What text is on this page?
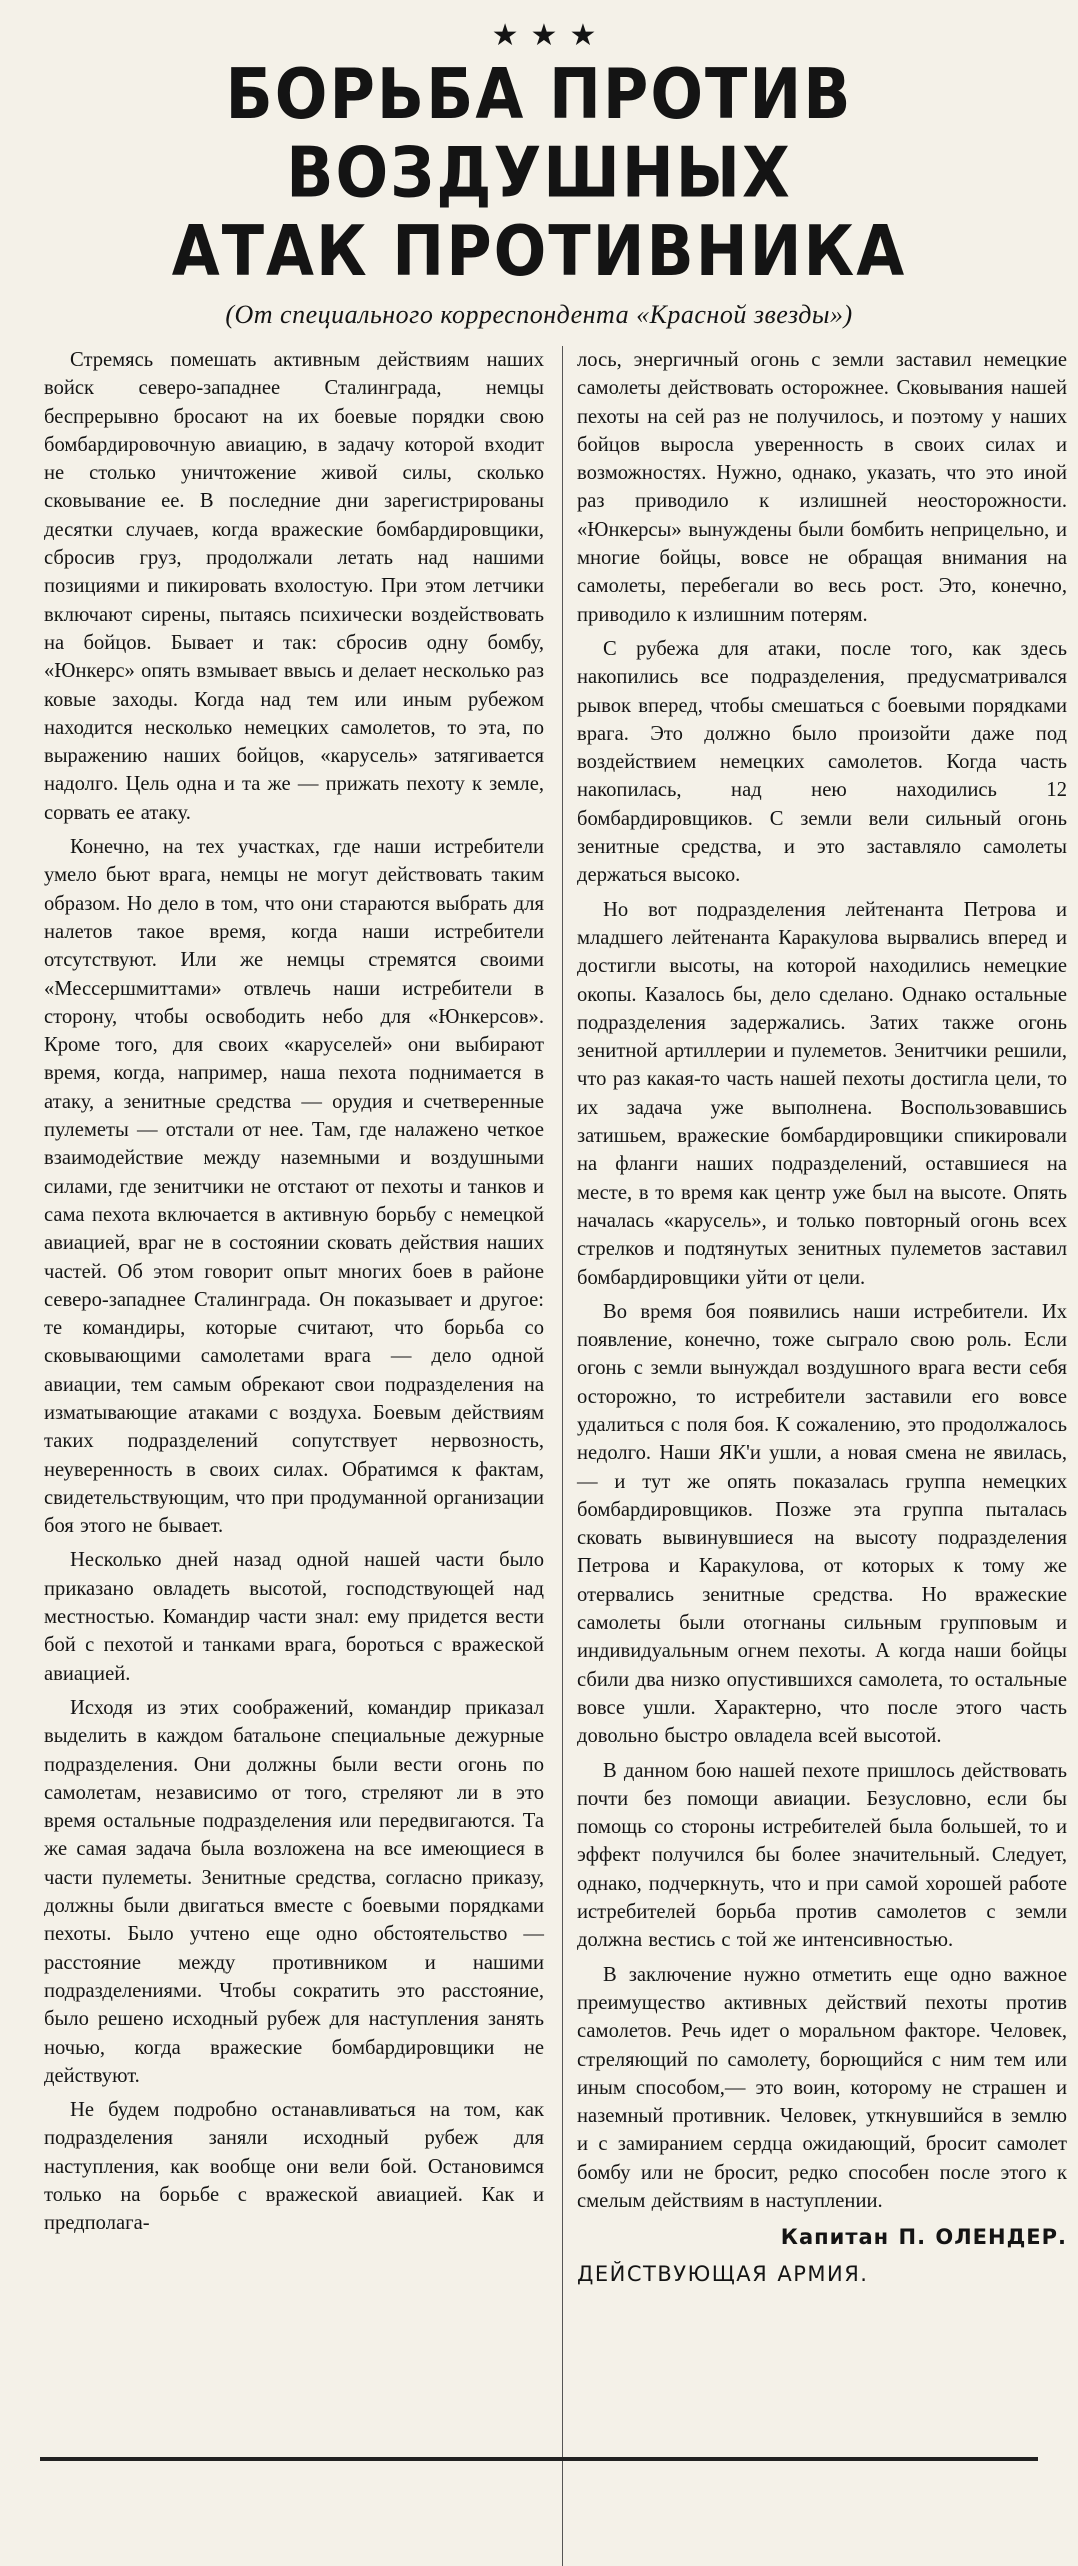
★★★
БОРЬБА ПРОТИВ ВОЗДУШНЫХ
АТАК ПРОТИВНИКА
(От специального корреспондента «Красной звезды»)

Стремясь помешать активным действиям наших войск северо-западнее Сталинграда, немцы беспрерывно бросают на их боевые порядки свою бомбардировочную авиацию, в задачу которой входит не столько уничтожение живой силы, сколько сковывание ее. В последние дни зарегистрированы десятки случаев, когда вражеские бомбардировщики, сбросив груз, продолжали летать над нашими позициями и пикировать вхолостую. При этом летчики включают сирены, пытаясь психически воздействовать на бойцов. Бывает и так: сбросив одну бомбу, «Юнкерс» опять взмывает ввысь и делает несколько раз ковые заходы. Когда над тем или иным рубежом находится несколько немецких самолетов, то эта, по выражению наших бойцов, «карусель» затягивается надолго. Цель одна и та же — прижать пехоту к земле, сорвать ее атаку.

Конечно, на тех участках, где наши истребители умело бьют врага, немцы не могут действовать таким образом. Но дело в том, что они стараются выбрать для налетов такое время, когда наши истребители отсутствуют. Или же немцы стремятся своими «Мессершмиттами» отвлечь наши истребители в сторону, чтобы освободить небо для «Юнкерсов». Кроме того, для своих «каруселей» они выбирают время, когда, например, наша пехота поднимается в атаку, а зенитные средства — орудия и счетверенные пулеметы — отстали от нее. Там, где налажено четкое взаимодействие между наземными и воздушными силами, где зенитчики не отстают от пехоты и танков и сама пехота включается в активную борьбу с немецкой авиацией, враг не в состоянии сковать действия наших частей. Об этом говорит опыт многих боев в районе северо-западнее Сталинграда. Он показывает и другое: те командиры, которые считают, что борьба со сковывающими самолетами врага — дело одной авиации, тем самым обрекают свои подразделения на изматывающие атаками с воздуха. Боевым действиям таких подразделений сопутствует нервозность, неуверенность в своих силах. Обратимся к фактам, свидетельствующим, что при продуманной организации боя этого не бывает.

Несколько дней назад одной нашей части было приказано овладеть высотой, господствующей над местностью. Командир части знал: ему придется вести бой с пехотой и танками врага, бороться с вражеской авиацией.

Исходя из этих соображений, командир приказал выделить в каждом батальоне специальные дежурные подразделения. Они должны были вести огонь по самолетам, независимо от того, стреляют ли в это время остальные подразделения или передвигаются. Та же самая задача была возложена на все имеющиеся в части пулеметы. Зенитные средства, согласно приказу, должны были двигаться вместе с боевыми порядками пехоты. Было учтено еще одно обстоятельство — расстояние между противником и нашими подразделениями. Чтобы сократить это расстояние, было решено исходный рубеж для наступления занять ночью, когда вражеские бомбардировщики не действуют.

Не будем подробно останавливаться на том, как подразделения заняли исходный рубеж для наступления, как вообще они вели бой. Остановимся только на борьбе с вражеской авиацией. Как и предполага-

лось, энергичный огонь с земли заставил немецкие самолеты действовать осторожнее. Сковывания нашей пехоты на сей раз не получилось, и поэтому у наших бойцов выросла уверенность в своих силах и возможностях. Нужно, однако, указать, что это иной раз приводило к излишней неосторожности. «Юнкерсы» вынуждены были бомбить неприцельно, и многие бойцы, вовсе не обращая внимания на самолеты, перебегали во весь рост. Это, конечно, приводило к излишним потерям.

С рубежа для атаки, после того, как здесь накопились все подразделения, предусматривался рывок вперед, чтобы смешаться с боевыми порядками врага. Это должно было произойти даже под воздействием немецких самолетов. Когда часть накопилась, над нею находились 12 бомбардировщиков. С земли вели сильный огонь зенитные средства, и это заставляло самолеты держаться высоко.

Но вот подразделения лейтенанта Петрова и младшего лейтенанта Каракулова вырвались вперед и достигли высоты, на которой находились немецкие окопы. Казалось бы, дело сделано. Однако остальные подразделения задержались. Затих также огонь зенитной артиллерии и пулеметов. Зенитчики решили, что раз какая-то часть нашей пехоты достигла цели, то их задача уже выполнена. Воспользовавшись затишьем, вражеские бомбардировщики спикировали на фланги наших подразделений, оставшиеся на месте, в то время как центр уже был на высоте. Опять началась «карусель», и только повторный огонь всех стрелков и подтянутых зенитных пулеметов заставил бомбардировщики уйти от цели.

Во время боя появились наши истребители. Их появление, конечно, тоже сыграло свою роль. Если огонь с земли вынуждал воздушного врага вести себя осторожно, то истребители заставили его вовсе удалиться с поля боя. К сожалению, это продолжалось недолго. Наши ЯК'и ушли, а новая смена не явилась,— и тут же опять показалась группа немецких бомбардировщиков. Позже эта группа пыталась сковать вывинувшиеся на высоту подразделения Петрова и Каракулова, от которых к тому же отервались зенитные средства. Но вражеские самолеты были отогнаны сильным групповым и индивидуальным огнем пехоты. А когда наши бойцы сбили два низко опустившихся самолета, то остальные вовсе ушли. Характерно, что после этого часть довольно быстро овладела всей высотой.

В данном бою нашей пехоте пришлось действовать почти без помощи авиации. Безусловно, если бы помощь со стороны истребителей была большей, то и эффект получился бы более значительный. Следует, однако, подчеркнуть, что и при самой хорошей работе истребителей борьба против самолетов с земли должна вестись с той же интенсивностью.

В заключение нужно отметить еще одно важное преимущество активных действий пехоты против самолетов. Речь идет о моральном факторе. Человек, стреляющий по самолету, борющийся с ним тем или иным способом,— это воин, которому не страшен и наземный противник. Человек, уткнувшийся в землю и с замиранием сердца ожидающий, бросит самолет бомбу или не бросит, редко способен после этого к смелым действиям в наступлении.

Капитан П. ОЛЕНДЕР.
ДЕЙСТВУЮЩАЯ АРМИЯ.
